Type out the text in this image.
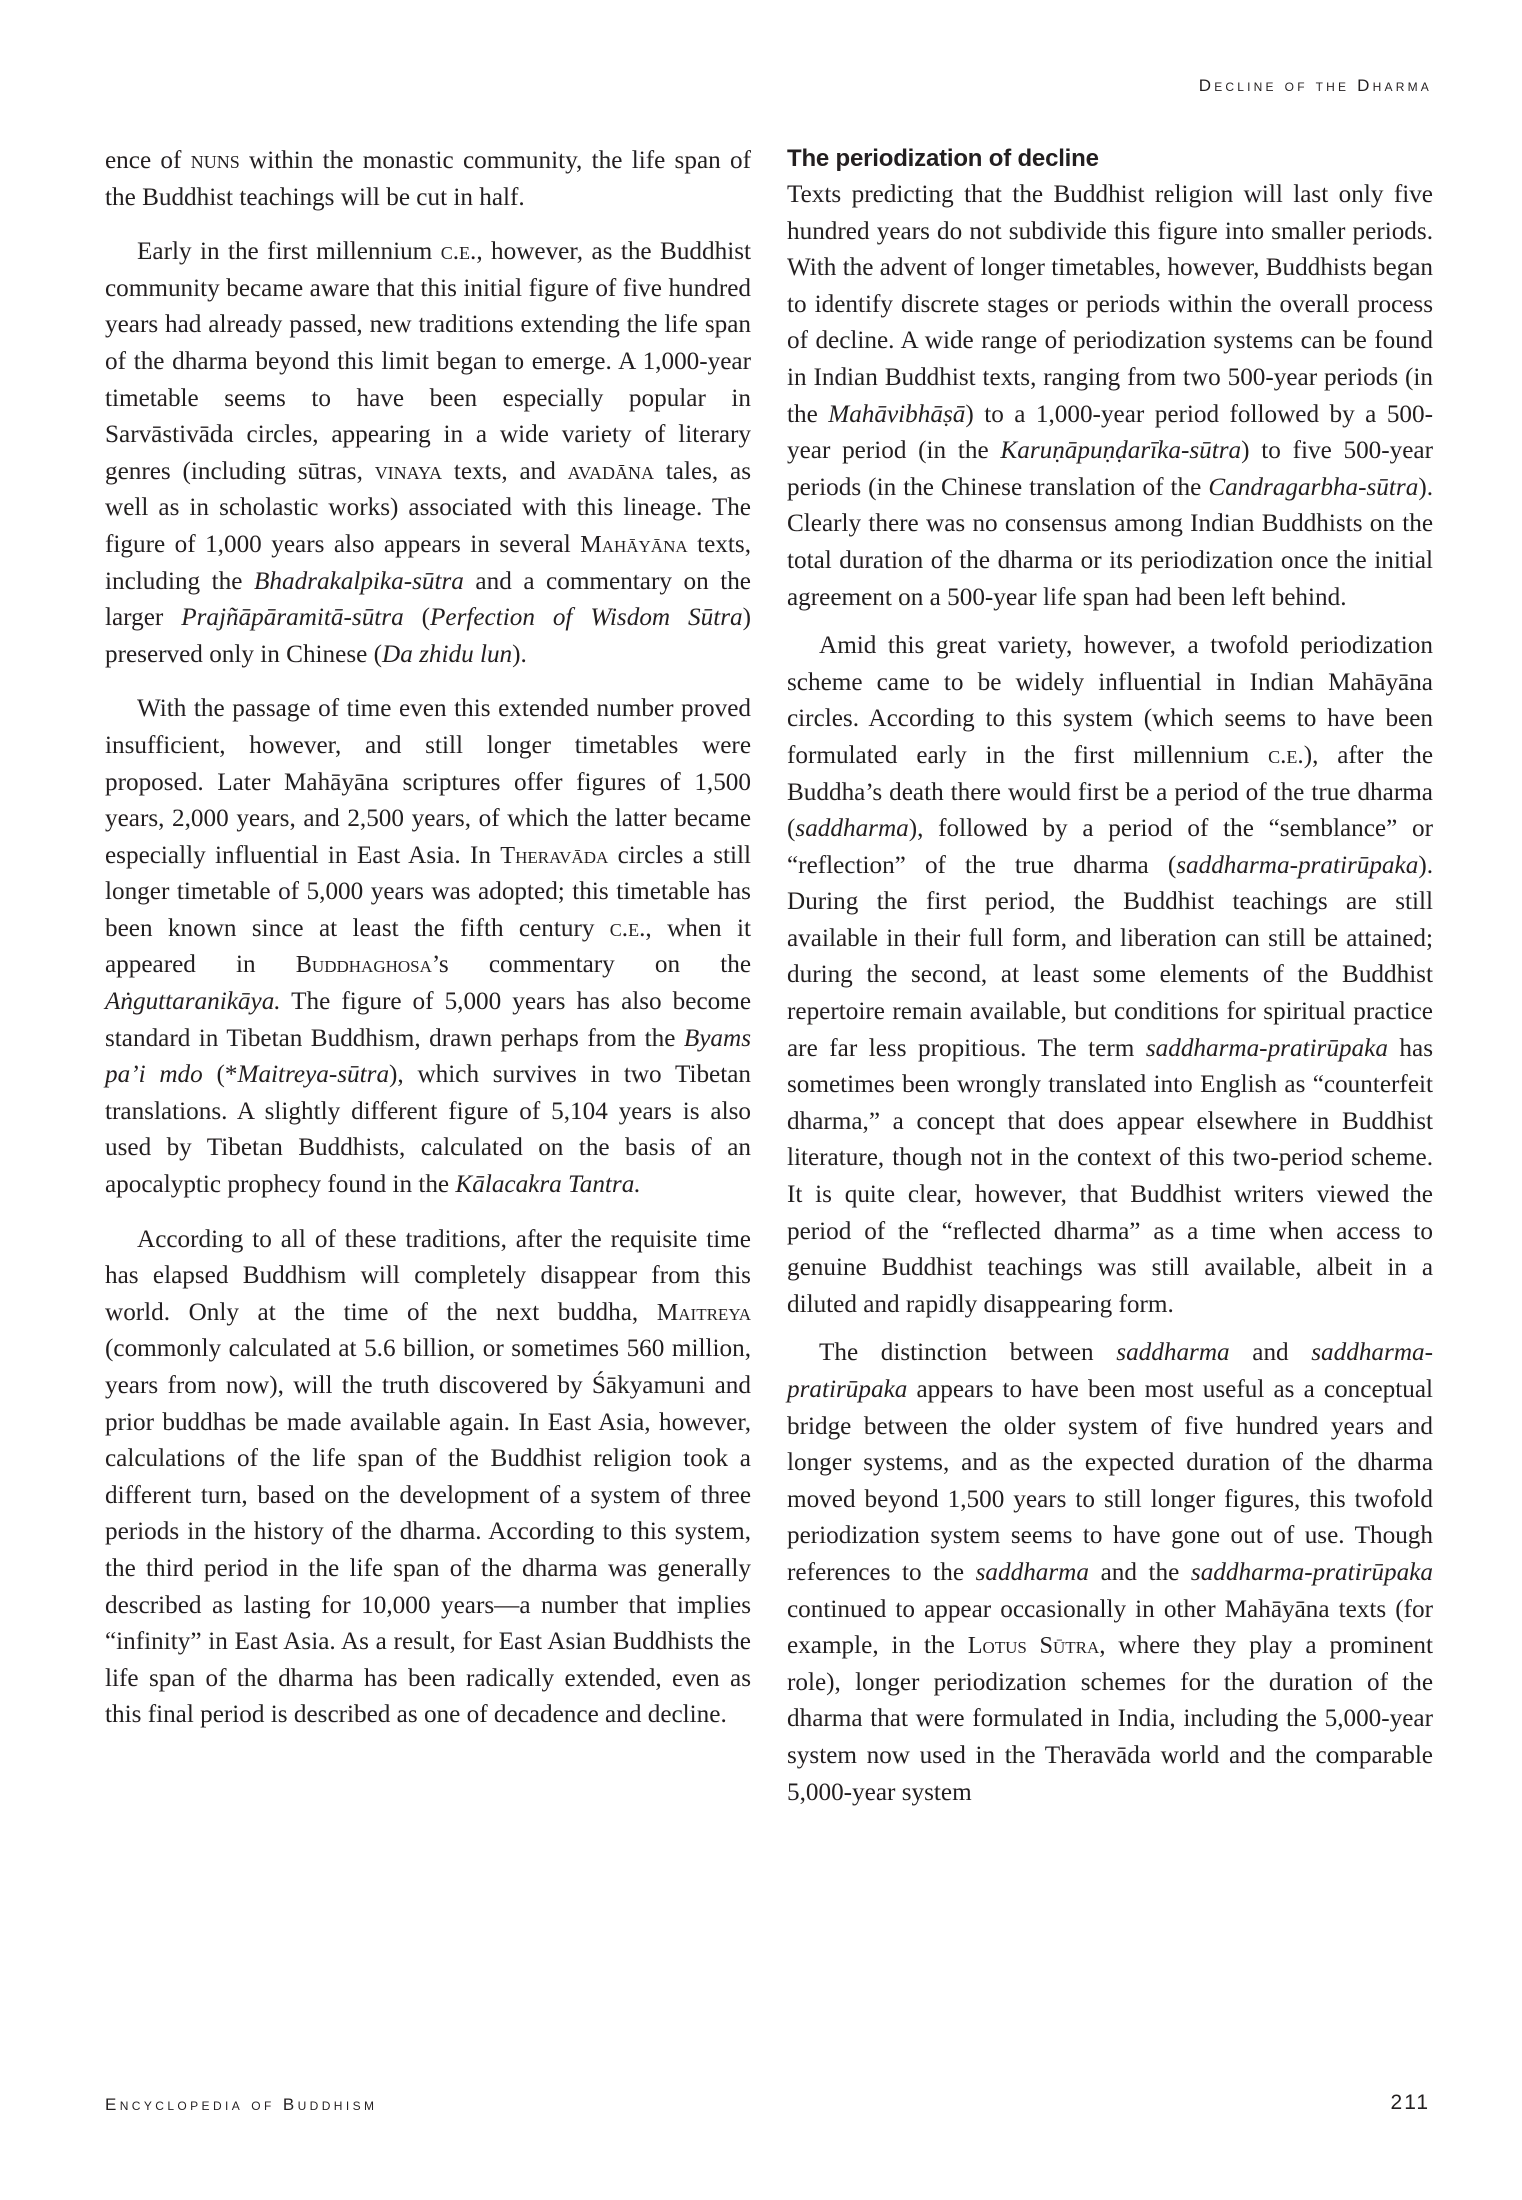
Decline of the Dharma

ence of nuns within the monastic community, the life span of the Buddhist teachings will be cut in half.

Early in the first millennium c.e., however, as the Buddhist community became aware that this initial figure of five hundred years had already passed, new traditions extending the life span of the dharma beyond this limit began to emerge. A 1,000-year timetable seems to have been especially popular in Sarvāstivāda circles, appearing in a wide variety of literary genres (including sūtras, vinaya texts, and avadāna tales, as well as in scholastic works) associated with this lineage. The figure of 1,000 years also appears in several Mahāyāna texts, including the Bhadrakalpika-sūtra and a commentary on the larger Prajñāpāramitā-sūtra (Perfection of Wisdom Sūtra) preserved only in Chinese (Da zhidu lun).

With the passage of time even this extended number proved insufficient, however, and still longer timetables were proposed. Later Mahāyāna scriptures offer figures of 1,500 years, 2,000 years, and 2,500 years, of which the latter became especially influential in East Asia. In Theravāda circles a still longer timetable of 5,000 years was adopted; this timetable has been known since at least the fifth century c.e., when it appeared in Buddhaghosa’s commentary on the Aṅguttaranikāya. The figure of 5,000 years has also become standard in Tibetan Buddhism, drawn perhaps from the Byams pa’i mdo (*Maitreya-sūtra), which survives in two Tibetan translations. A slightly different figure of 5,104 years is also used by Tibetan Buddhists, calculated on the basis of an apocalyptic prophecy found in the Kālacakra Tantra.

According to all of these traditions, after the requisite time has elapsed Buddhism will completely disappear from this world. Only at the time of the next buddha, Maitreya (commonly calculated at 5.6 billion, or sometimes 560 million, years from now), will the truth discovered by Śākyamuni and prior buddhas be made available again. In East Asia, however, calculations of the life span of the Buddhist religion took a different turn, based on the development of a system of three periods in the history of the dharma. According to this system, the third period in the life span of the dharma was generally described as lasting for 10,000 years—a number that implies “infinity” in East Asia. As a result, for East Asian Buddhists the life span of the dharma has been radically extended, even as this final period is described as one of decadence and decline.

The periodization of decline

Texts predicting that the Buddhist religion will last only five hundred years do not subdivide this figure into smaller periods. With the advent of longer timetables, however, Buddhists began to identify discrete stages or periods within the overall process of decline. A wide range of periodization systems can be found in Indian Buddhist texts, ranging from two 500-year periods (in the Mahāvibhāṣā) to a 1,000-year period followed by a 500-year period (in the Karuṇāpuṇḍarīka-sūtra) to five 500-year periods (in the Chinese translation of the Candragarbha-sūtra). Clearly there was no consensus among Indian Buddhists on the total duration of the dharma or its periodization once the initial agreement on a 500-year life span had been left behind.

Amid this great variety, however, a twofold periodization scheme came to be widely influential in Indian Mahāyāna circles. According to this system (which seems to have been formulated early in the first millennium c.e.), after the Buddha’s death there would first be a period of the true dharma (saddharma), followed by a period of the “semblance” or “reflection” of the true dharma (saddharma-pratirūpaka). During the first period, the Buddhist teachings are still available in their full form, and liberation can still be attained; during the second, at least some elements of the Buddhist repertoire remain available, but conditions for spiritual practice are far less propitious. The term saddharma-pratirūpaka has sometimes been wrongly translated into English as “counterfeit dharma,” a concept that does appear elsewhere in Buddhist literature, though not in the context of this two-period scheme. It is quite clear, however, that Buddhist writers viewed the period of the “reflected dharma” as a time when access to genuine Buddhist teachings was still available, albeit in a diluted and rapidly disappearing form.

The distinction between saddharma and saddharma-pratirūpaka appears to have been most useful as a conceptual bridge between the older system of five hundred years and longer systems, and as the expected duration of the dharma moved beyond 1,500 years to still longer figures, this twofold periodization system seems to have gone out of use. Though references to the saddharma and the saddharma-pratirūpaka continued to appear occasionally in other Mahāyāna texts (for example, in the Lotus Sūtra, where they play a prominent role), longer periodization schemes for the duration of the dharma that were formulated in India, including the 5,000-year system now used in the Theravāda world and the comparable 5,000-year system

Encyclopedia of Buddhism	211
